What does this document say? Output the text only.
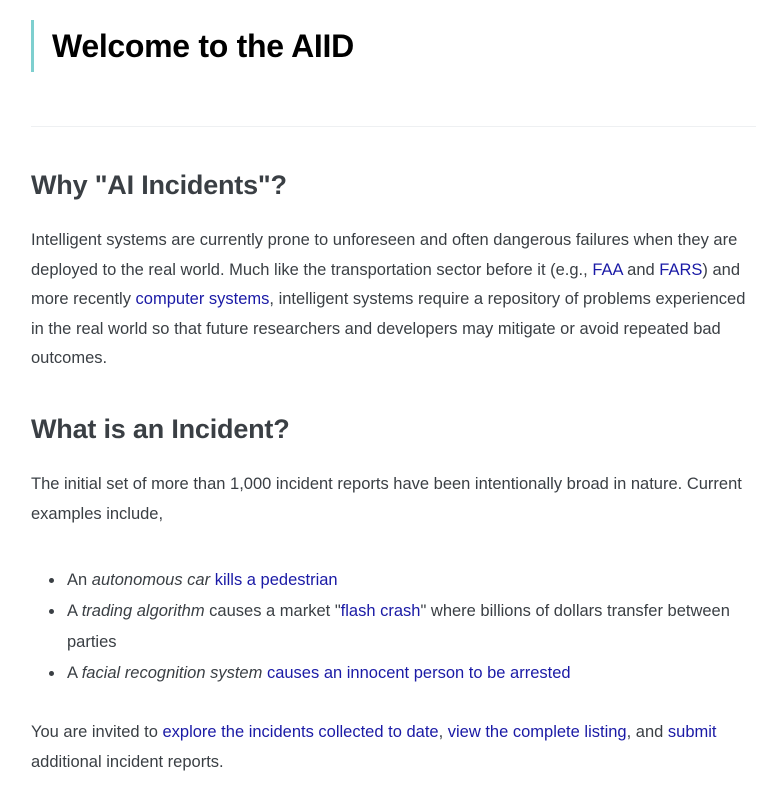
Welcome to the AIID
Why "AI Incidents"?

Intelligent systems are currently prone to unforeseen and often dangerous failures when they are deployed to the real world. Much like the transportation sector before it (e.g., FAA and FARS) and more recently computer systems, intelligent systems require a repository of problems experienced in the real world so that future researchers and developers may mitigate or avoid repeated bad outcomes.

What is an Incident?

The initial set of more than 1,000 incident reports have been intentionally broad in nature. Current examples include,

An autonomous car kills a pedestrian
A trading algorithm causes a market "flash crash" where billions of dollars transfer between parties
A facial recognition system causes an innocent person to be arrested

You are invited to explore the incidents collected to date, view the complete listing, and submit additional incident reports.
